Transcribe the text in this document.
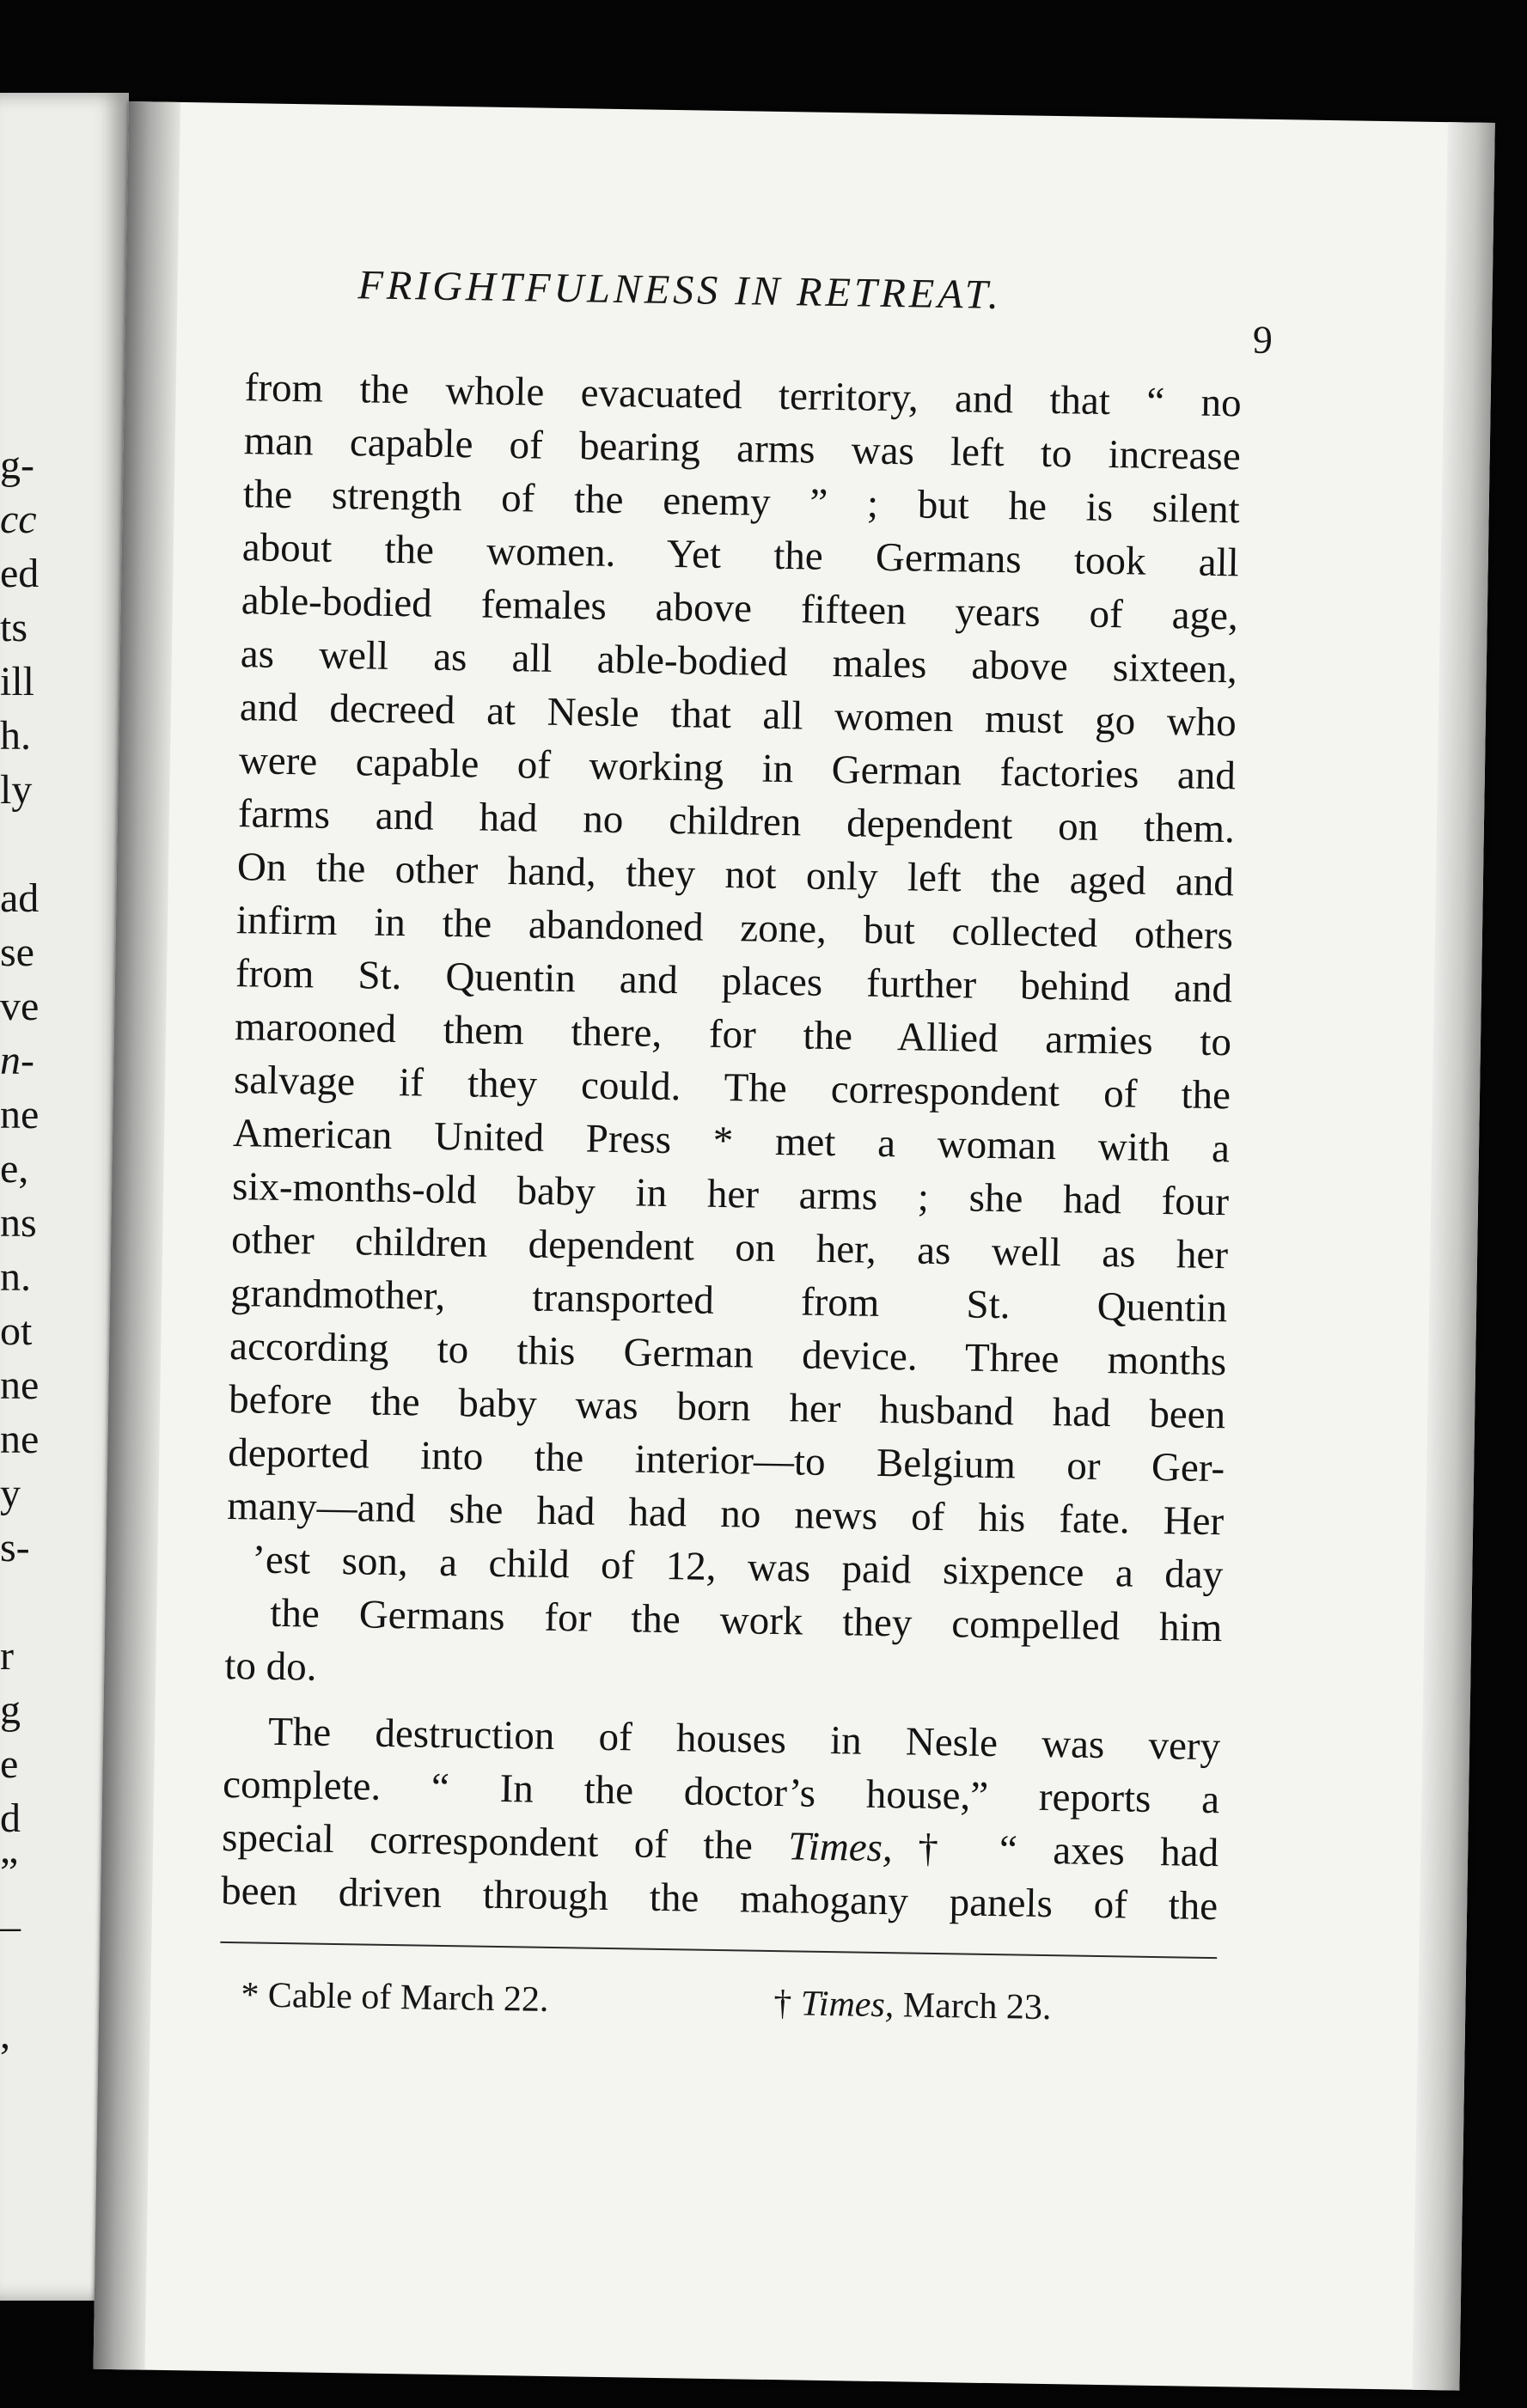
g-
cc
ed
ts
ill
h.
ly
ad
se
ve
n-
ne
e,
ns
n.
ot
ne
ne
y
s-
r
g
e
d
”
–
,
FRIGHTFULNESS IN RETREAT.
9
from the whole evacuated territory, and that “ no
man capable of bearing arms was left to increase
the strength of the enemy ” ; but he is silent
about the women. Yet the Germans took all
able-bodied females above fifteen years of age,
as well as all able-bodied males above sixteen,
and decreed at Nesle that all women must go who
were capable of working in German factories and
farms and had no children dependent on them.
On the other hand, they not only left the aged and
infirm in the abandoned zone, but collected others
from St. Quentin and places further behind and
marooned them there, for the Allied armies to
salvage if they could. The correspondent of the
American United Press * met a woman with a
six-months-old baby in her arms ; she had four
other children dependent on her, as well as her
grandmother, transported from St. Quentin
according to this German device. Three months
before the baby was born her husband had been
deported into the interior—to Belgium or Ger-
many—and she had had no news of his fate. Her
’est son, a child of 12, was paid sixpence a day
the Germans for the work they compelled him
to do.
The destruction of houses in Nesle was very
complete. “ In the doctor’s house,” reports a
special correspondent of the Times,† “ axes had
been driven through the mahogany panels of the
* Cable of March 22.	† Times, March 23.
